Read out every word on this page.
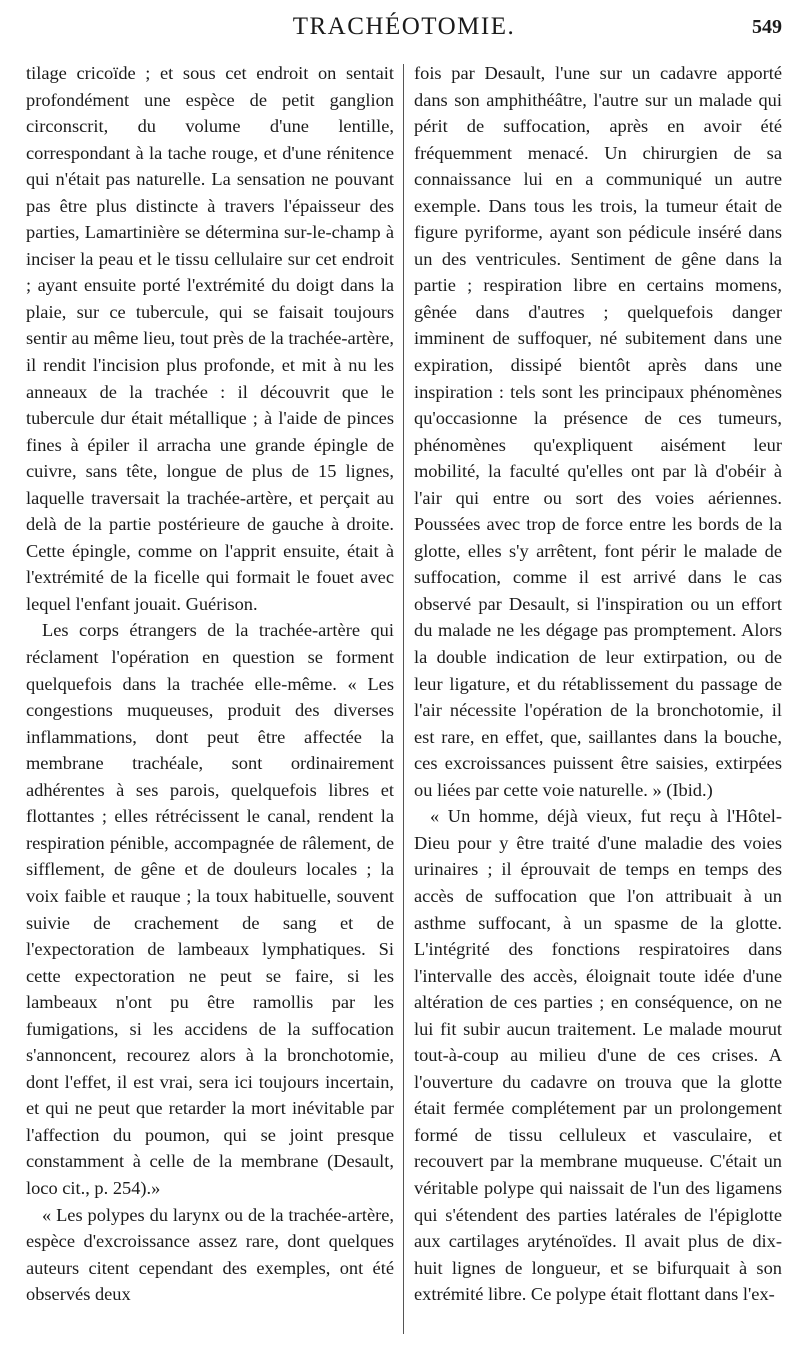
TRACHÉOTOMIE.	549

tilage cricoïde ; et sous cet endroit on sentait profondément une espèce de petit ganglion circonscrit, du volume d'une lentille, correspondant à la tache rouge, et d'une rénitence qui n'était pas naturelle. La sensation ne pouvant pas être plus distincte à travers l'épaisseur des parties, Lamartinière se détermina sur-le-champ à inciser la peau et le tissu cellulaire sur cet endroit ; ayant ensuite porté l'extrémité du doigt dans la plaie, sur ce tubercule, qui se faisait toujours sentir au même lieu, tout près de la trachée-artère, il rendit l'incision plus profonde, et mit à nu les anneaux de la trachée : il découvrit que le tubercule dur était métallique ; à l'aide de pinces fines à épiler il arracha une grande épingle de cuivre, sans tête, longue de plus de 15 lignes, laquelle traversait la trachée-artère, et perçait au delà de la partie postérieure de gauche à droite. Cette épingle, comme on l'apprit ensuite, était à l'extrémité de la ficelle qui formait le fouet avec lequel l'enfant jouait. Guérison.

Les corps étrangers de la trachée-artère qui réclament l'opération en question se forment quelquefois dans la trachée elle-même. « Les congestions muqueuses, produit des diverses inflammations, dont peut être affectée la membrane trachéale, sont ordinairement adhérentes à ses parois, quelquefois libres et flottantes ; elles rétrécissent le canal, rendent la respiration pénible, accompagnée de râlement, de sifflement, de gêne et de douleurs locales ; la voix faible et rauque ; la toux habituelle, souvent suivie de crachement de sang et de l'expectoration de lambeaux lymphatiques. Si cette expectoration ne peut se faire, si les lambeaux n'ont pu être ramollis par les fumigations, si les accidens de la suffocation s'annoncent, recourez alors à la bronchotomie, dont l'effet, il est vrai, sera ici toujours incertain, et qui ne peut que retarder la mort inévitable par l'affection du poumon, qui se joint presque constamment à celle de la membrane (Desault, loco cit., p. 254).»

« Les polypes du larynx ou de la trachée-artère, espèce d'excroissance assez rare, dont quelques auteurs citent cependant des exemples, ont été observés deux

fois par Desault, l'une sur un cadavre apporté dans son amphithéâtre, l'autre sur un malade qui périt de suffocation, après en avoir été fréquemment menacé. Un chirurgien de sa connaissance lui en a communiqué un autre exemple. Dans tous les trois, la tumeur était de figure pyriforme, ayant son pédicule inséré dans un des ventricules. Sentiment de gêne dans la partie ; respiration libre en certains momens, gênée dans d'autres ; quelquefois danger imminent de suffoquer, né subitement dans une expiration, dissipé bientôt après dans une inspiration : tels sont les principaux phénomènes qu'occasionne la présence de ces tumeurs, phénomènes qu'expliquent aisément leur mobilité, la faculté qu'elles ont par là d'obéir à l'air qui entre ou sort des voies aériennes. Poussées avec trop de force entre les bords de la glotte, elles s'y arrêtent, font périr le malade de suffocation, comme il est arrivé dans le cas observé par Desault, si l'inspiration ou un effort du malade ne les dégage pas promptement. Alors la double indication de leur extirpation, ou de leur ligature, et du rétablissement du passage de l'air nécessite l'opération de la bronchotomie, il est rare, en effet, que, saillantes dans la bouche, ces excroissances puissent être saisies, extirpées ou liées par cette voie naturelle. » (Ibid.)

« Un homme, déjà vieux, fut reçu à l'Hôtel-Dieu pour y être traité d'une maladie des voies urinaires ; il éprouvait de temps en temps des accès de suffocation que l'on attribuait à un asthme suffocant, à un spasme de la glotte. L'intégrité des fonctions respiratoires dans l'intervalle des accès, éloignait toute idée d'une altération de ces parties ; en conséquence, on ne lui fit subir aucun traitement. Le malade mourut tout-à-coup au milieu d'une de ces crises. A l'ouverture du cadavre on trouva que la glotte était fermée complétement par un prolongement formé de tissu celluleux et vasculaire, et recouvert par la membrane muqueuse. C'était un véritable polype qui naissait de l'un des ligamens qui s'étendent des parties latérales de l'épiglotte aux cartilages aryténoïdes. Il avait plus de dix-huit lignes de longueur, et se bifurquait à son extrémité libre. Ce polype était flottant dans l'ex-
